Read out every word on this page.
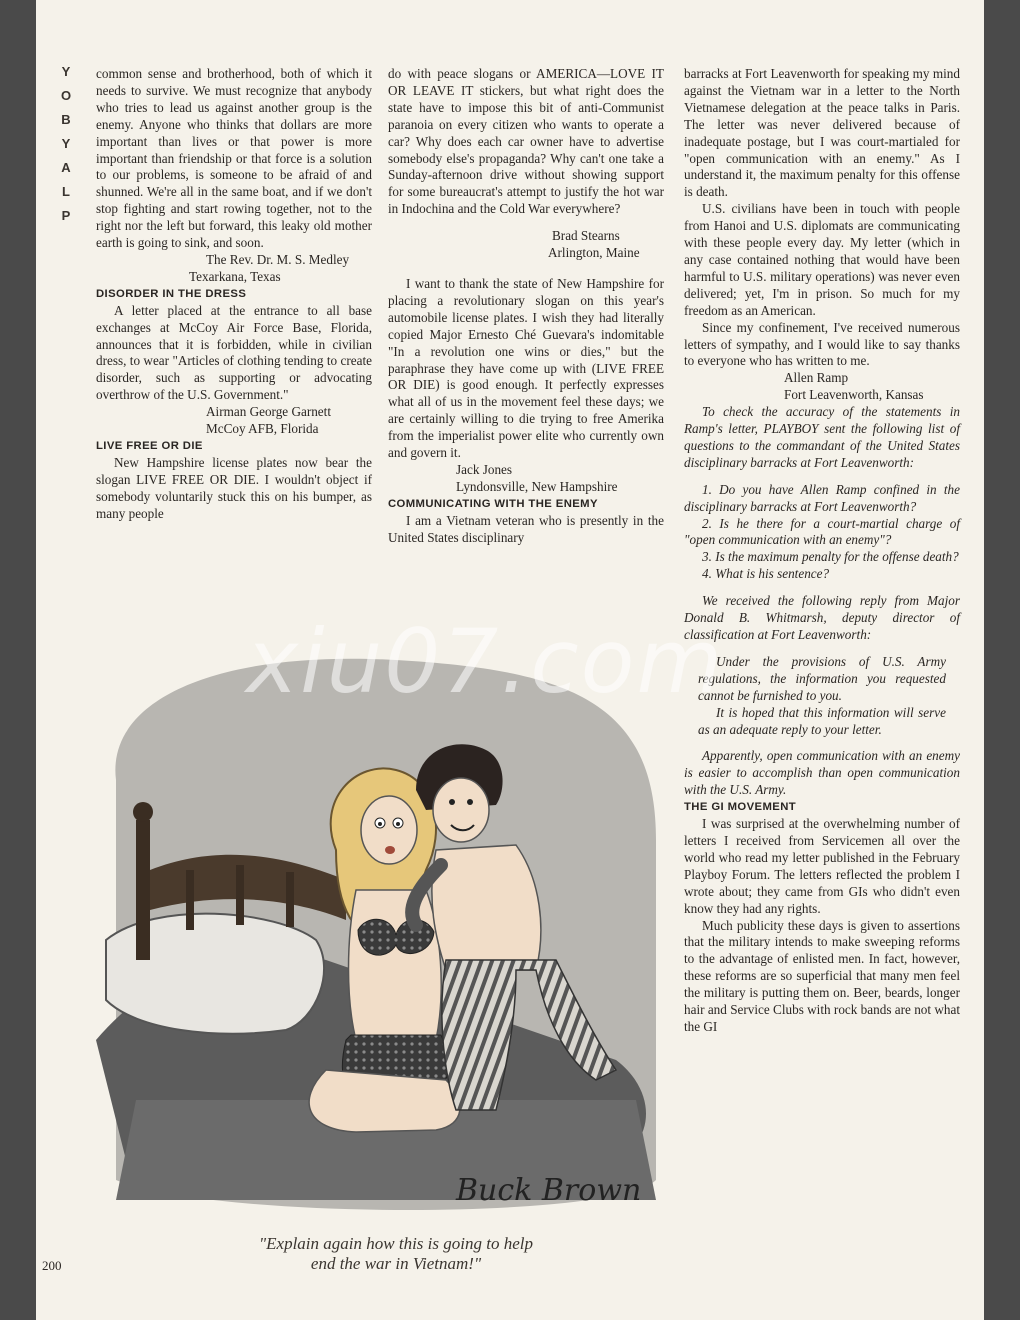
Y
O
B
Y
A
L
P

common sense and brotherhood, both of which it needs to survive. We must recognize that anybody who tries to lead us against another group is the enemy. Anyone who thinks that dollars are more important than lives or that power is more important than friendship or that force is a solution to our problems, is someone to be afraid of and shunned. We're all in the same boat, and if we don't stop fighting and start rowing together, not to the right nor the left but forward, this leaky old mother earth is going to sink, and soon.

The Rev. Dr. M. S. Medley

Texarkana, Texas

DISORDER IN THE DRESS

A letter placed at the entrance to all base exchanges at McCoy Air Force Base, Florida, announces that it is forbidden, while in civilian dress, to wear "Articles of clothing tending to create disorder, such as supporting or advocating overthrow of the U.S. Government."

Airman George Garnett

McCoy AFB, Florida

LIVE FREE OR DIE

New Hampshire license plates now bear the slogan LIVE FREE OR DIE. I wouldn't object if somebody voluntarily stuck this on his bumper, as many people

do with peace slogans or AMERICA—LOVE IT OR LEAVE IT stickers, but what right does the state have to impose this bit of anti-Communist paranoia on every citizen who wants to operate a car? Why does each car owner have to advertise somebody else's propaganda? Why can't one take a Sunday-afternoon drive without showing support for some bureaucrat's attempt to justify the hot war in Indochina and the Cold War everywhere?

Brad Stearns

Arlington, Maine

I want to thank the state of New Hampshire for placing a revolutionary slogan on this year's automobile license plates. I wish they had literally copied Major Ernesto Ché Guevara's indomitable "In a revolution one wins or dies," but the paraphrase they have come up with (LIVE FREE OR DIE) is good enough. It perfectly expresses what all of us in the movement feel these days; we are certainly willing to die trying to free Amerika from the imperialist power elite who currently own and govern it.

Jack Jones

Lyndonsville, New Hampshire

COMMUNICATING WITH THE ENEMY

I am a Vietnam veteran who is presently in the United States disciplinary

barracks at Fort Leavenworth for speaking my mind against the Vietnam war in a letter to the North Vietnamese delegation at the peace talks in Paris. The letter was never delivered because of inadequate postage, but I was court-martialed for "open communication with an enemy." As I understand it, the maximum penalty for this offense is death.

U.S. civilians have been in touch with people from Hanoi and U.S. diplomats are communicating with these people every day. My letter (which in any case contained nothing that would have been harmful to U.S. military operations) was never even delivered; yet, I'm in prison. So much for my freedom as an American.

Since my confinement, I've received numerous letters of sympathy, and I would like to say thanks to everyone who has written to me.

Allen Ramp

Fort Leavenworth, Kansas

To check the accuracy of the statements in Ramp's letter, PLAYBOY sent the following list of questions to the commandant of the United States disciplinary barracks at Fort Leavenworth:

1. Do you have Allen Ramp confined in the disciplinary barracks at Fort Leavenworth?

2. Is he there for a court-martial charge of "open communication with an enemy"?

3. Is the maximum penalty for the offense death?

4. What is his sentence?

We received the following reply from Major Donald B. Whitmarsh, deputy director of classification at Fort Leavenworth:

Under the provisions of U.S. Army regulations, the information you requested cannot be furnished to you.

It is hoped that this information will serve as an adequate reply to your letter.

Apparently, open communication with an enemy is easier to accomplish than open communication with the U.S. Army.

THE GI MOVEMENT

I was surprised at the overwhelming number of letters I received from Servicemen all over the world who read my letter published in the February Playboy Forum. The letters reflected the problem I wrote about; they came from GIs who didn't even know they had any rights.

Much publicity these days is given to assertions that the military intends to make sweeping reforms to the advantage of enlisted men. In fact, however, these reforms are so superficial that many men feel the military is putting them on. Beer, beards, longer hair and Service Clubs with rock bands are not what the GI

Buck Brown
xiu07.com
"Explain again how this is going to help
end the war in Vietnam!"
200
